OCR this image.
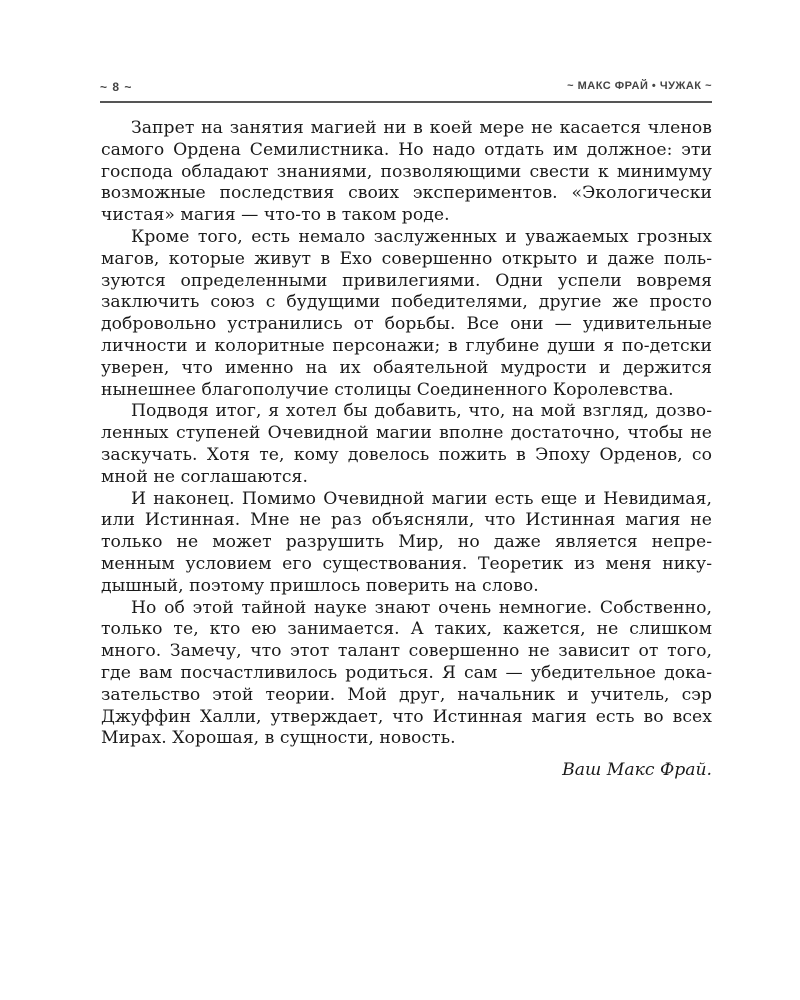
~ 8 ~	~ МАКС ФРАЙ • ЧУЖАК ~

Запрет на занятия магией ни в коей мере не касается членов самого Ордена Семилистника. Но надо отдать им должное: эти господа обладают знаниями, позволяющими свести к минимуму возможные последствия своих экспериментов. «Экологически чистая» магия — что-то в таком роде.

Кроме того, есть немало заслуженных и уважаемых грозных магов, которые живут в Ехо совершенно открыто и даже пользуются определенными привилегиями. Одни успели вовремя заключить союз с будущими победителями, другие же просто добровольно устранились от борьбы. Все они — удивительные личности и колоритные персонажи; в глубине души я по-детски уверен, что именно на их обаятельной мудрости и держится нынешнее благополучие столицы Соединенного Королевства.

Подводя итог, я хотел бы добавить, что, на мой взгляд, дозволенных ступеней Очевидной магии вполне достаточно, чтобы не заскучать. Хотя те, кому довелось пожить в Эпоху Орденов, со мной не соглашаются.

И наконец. Помимо Очевидной магии есть еще и Невидимая, или Истинная. Мне не раз объясняли, что Истинная магия не только не может разрушить Мир, но даже является непременным условием его существования. Теоретик из меня никудышный, поэтому пришлось поверить на слово.

Но об этой тайной науке знают очень немногие. Собственно, только те, кто ею занимается. А таких, кажется, не слишком много. Замечу, что этот талант совершенно не зависит от того, где вам посчастливилось родиться. Я сам — убедительное доказательство этой теории. Мой друг, начальник и учитель, сэр Джуффин Халли, утверждает, что Истинная магия есть во всех Мирах. Хорошая, в сущности, новость.

Ваш Макс Фрай.
